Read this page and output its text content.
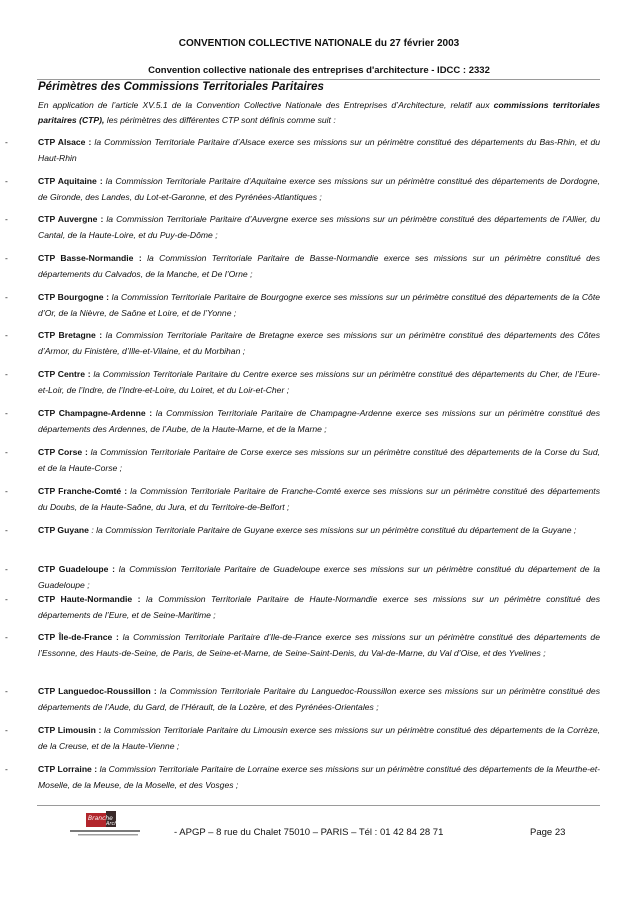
CONVENTION COLLECTIVE NATIONALE du 27 février 2003
Convention collective nationale des entreprises d'architecture - IDCC : 2332
Périmètres des Commissions Territoriales Paritaires
En application de l’article XV.5.1 de la Convention Collective Nationale des Entreprises d’Architecture, relatif aux commissions territoriales paritaires (CTP), les périmètres des différentes CTP sont définis comme suit :
-	CTP Alsace : la Commission Territoriale Paritaire d’Alsace exerce ses missions sur un périmètre constitué des départements du Bas-Rhin, et du Haut-Rhin
-	CTP Aquitaine : la Commission Territoriale Paritaire d’Aquitaine exerce ses missions sur un périmètre constitué des départements de Dordogne, de Gironde, des Landes, du Lot-et-Garonne, et des Pyrénées-Atlantiques ;
-	CTP Auvergne : la Commission Territoriale Paritaire d’Auvergne exerce ses missions sur un périmètre constitué des départements de l’Allier, du Cantal, de la Haute-Loire, et du Puy-de-Dôme ;
-	CTP Basse-Normandie : la Commission Territoriale Paritaire de Basse-Normandie exerce ses missions sur un périmètre constitué des départements du Calvados, de la Manche, et De l’Orne ;
-	CTP Bourgogne : la Commission Territoriale Paritaire de Bourgogne exerce ses missions sur un périmètre constitué des départements de la Côte d’Or, de la Nièvre, de Saône et Loire, et de l’Yonne ;
-	CTP Bretagne : la Commission Territoriale Paritaire de Bretagne exerce ses missions sur un périmètre constitué des départements des Côtes d’Armor, du Finistère, d’Ille-et-Vilaine, et du Morbihan ;
-	CTP Centre : la Commission Territoriale Paritaire du Centre exerce ses missions sur un périmètre constitué des départements du Cher, de l’Eure-et-Loir, de l’Indre, de l’Indre-et-Loire, du Loiret, et du Loir-et-Cher ;
-	CTP Champagne-Ardenne : la Commission Territoriale Paritaire de Champagne-Ardenne exerce ses missions sur un périmètre constitué des départements des Ardennes, de l’Aube, de la Haute-Marne, et de la Marne ;
-	CTP Corse : la Commission Territoriale Paritaire de Corse exerce ses missions sur un périmètre constitué des départements de la Corse du Sud, et de la Haute-Corse ;
-	CTP Franche-Comté : la Commission Territoriale Paritaire de Franche-Comté exerce ses missions sur un périmètre constitué des départements du Doubs, de la Haute-Saône, du Jura, et du Territoire-de-Belfort ;
-	CTP Guyane : la Commission Territoriale Paritaire de Guyane exerce ses missions sur un périmètre constitué du département de la Guyane ;
-	CTP Guadeloupe : la Commission Territoriale Paritaire de Guadeloupe exerce ses missions sur un périmètre constitué du département de la Guadeloupe ;
-	CTP Haute-Normandie : la Commission Territoriale Paritaire de Haute-Normandie exerce ses missions sur un périmètre constitué des départements de l’Eure, et de Seine-Maritime ;
-	CTP Île-de-France : la Commission Territoriale Paritaire d’Ile-de-France exerce ses missions sur un périmètre constitué des départements de l’Essonne, des Hauts-de-Seine, de Paris, de Seine-et-Marne, de Seine-Saint-Denis, du Val-de-Marne, du Val d’Oise, et des Yvelines ;
-	CTP Languedoc-Roussillon : la Commission Territoriale Paritaire du Languedoc-Roussillon exerce ses missions sur un périmètre constitué des départements de l’Aude, du Gard, de l’Hérault, de la Lozère, et des Pyrénées-Orientales ;
-	CTP Limousin : la Commission Territoriale Paritaire du Limousin exerce ses missions sur un périmètre constitué des départements de la Corrèze, de la Creuse, et de la Haute-Vienne ;
-	CTP Lorraine : la Commission Territoriale Paritaire de Lorraine exerce ses missions sur un périmètre constitué des départements de la Meurthe-et-Moselle, de la Meuse, de la Moselle, et des Vosges ;
Branche
Architecture
- APGP – 8 rue du Chalet 75010 – PARIS – Tél : 01 42 84 28 71	Page 23
